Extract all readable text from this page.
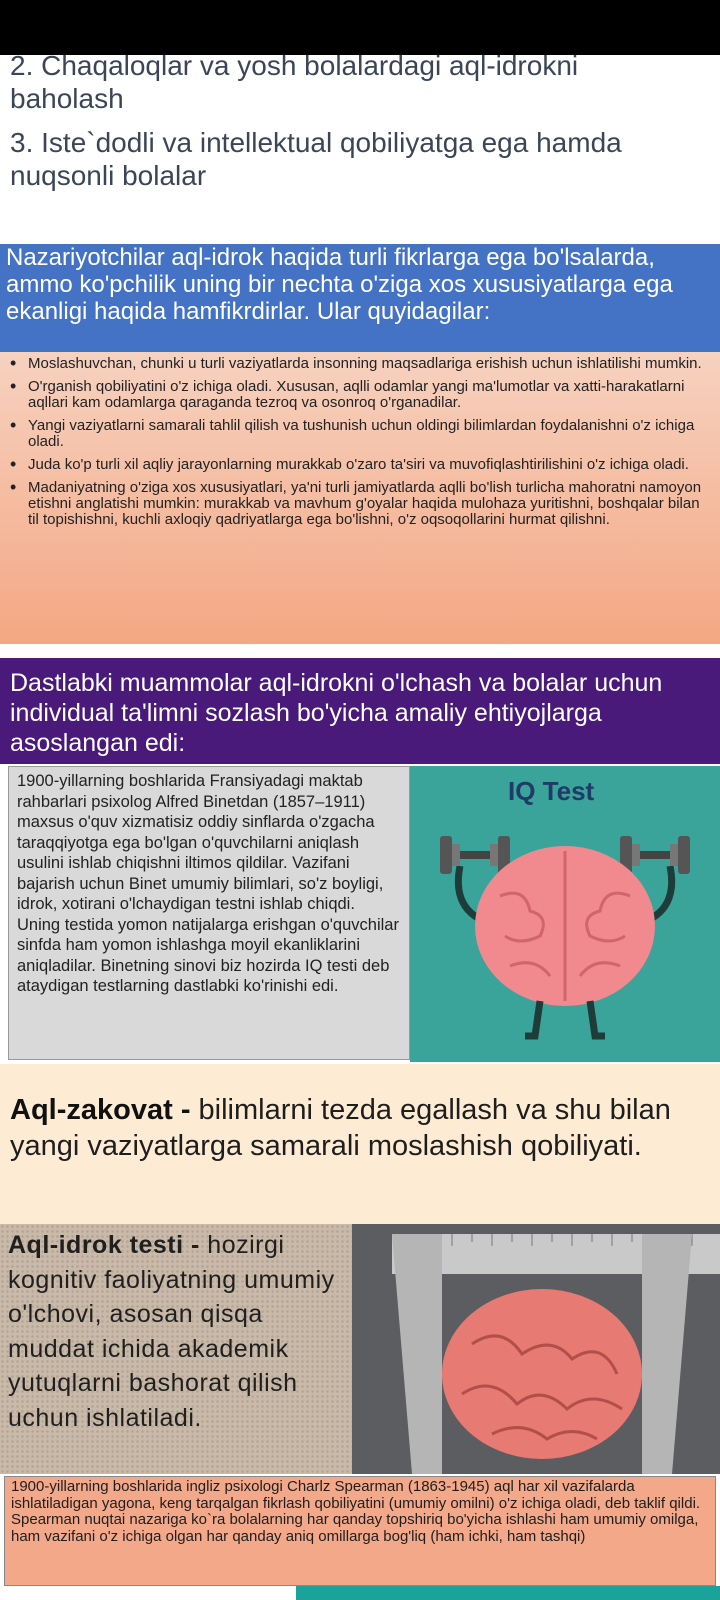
2. Chaqaloqlar va yosh bolalardagi aql-idrokni
baholash
3. Iste`dodli va intellektual qobiliyatga ega hamda
nuqsonli bolalar

Nazariyotchilar aql-idrok haqida turli fikrlarga ega bo'lsalarda, ammo ko'pchilik uning bir nechta o'ziga xos xususiyatlarga ega ekanligi haqida hamfikrdirlar. Ular quyidagilar:

• Moslashuvchan, chunki u turli vaziyatlarda insonning maqsadlariga erishish uchun ishlatilishi mumkin.
• O'rganish qobiliyatini o'z ichiga oladi. Xususan, aqlli odamlar yangi ma'lumotlar va xatti-harakatlarni aqllari kam odamlarga qaraganda tezroq va osonroq o'rganadilar.
• Yangi vaziyatlarni samarali tahlil qilish va tushunish uchun oldingi bilimlardan foydalanishni o'z ichiga oladi.
• Juda ko'p turli xil aqliy jarayonlarning murakkab o'zaro ta'siri va muvofiqlashtirilishini o'z ichiga oladi.
• Madaniyatning o'ziga xos xususiyatlari, ya'ni turli jamiyatlarda aqlli bo'lish turlicha mahoratni namoyon etishni anglatishi mumkin: murakkab va mavhum g'oyalar haqida mulohaza yuritishni, boshqalar bilan til topishishni, kuchli axloqiy qadriyatlarga ega bo'lishni, o'z oqsoqollarini hurmat qilishni.

Dastlabki muammolar aql-idrokni o'lchash va bolalar uchun individual ta'limni sozlash bo'yicha amaliy ehtiyojlarga asoslangan edi:

1900-yillarning boshlarida Fransiyadagi maktab rahbarlari psixolog Alfred Binetdan (1857–1911) maxsus o'quv xizmatisiz oddiy sinflarda o'zgacha taraqqiyotga ega bo'lgan o'quvchilarni aniqlash usulini ishlab chiqishni iltimos qildilar. Vazifani bajarish uchun Binet umumiy bilimlari, so'z boyligi, idrok, xotirani o'lchaydigan testni ishlab chiqdi. Uning testida yomon natijalarga erishgan o'quvchilar sinfda ham yomon ishlashga moyil ekanliklarini aniqladilar. Binetning sinovi biz hozirda IQ testi deb ataydigan testlarning dastlabki ko'rinishi edi.

IQ Test

Aql-zakovat - bilimlarni tezda egallash va shu bilan yangi vaziyatlarga samarali moslashish qobiliyati.

Aql-idrok testi - hozirgi kognitiv faoliyatning umumiy o'lchovi, asosan qisqa muddat ichida akademik yutuqlarni bashorat qilish uchun ishlatiladi.

1900-yillarning boshlarida ingliz psixologi Charlz Spearman (1863-1945) aql har xil vazifalarda ishlatiladigan yagona, keng tarqalgan fikrlash qobiliyatini (umumiy omilni) o'z ichiga oladi, deb taklif qildi. Spearman nuqtai nazariga ko`ra bolalarning har qanday topshiriq bo'yicha ishlashi ham umumiy omilga, ham vazifani o'z ichiga olgan har qanday aniq omillarga bog'liq (ham ichki, ham tashqi)
